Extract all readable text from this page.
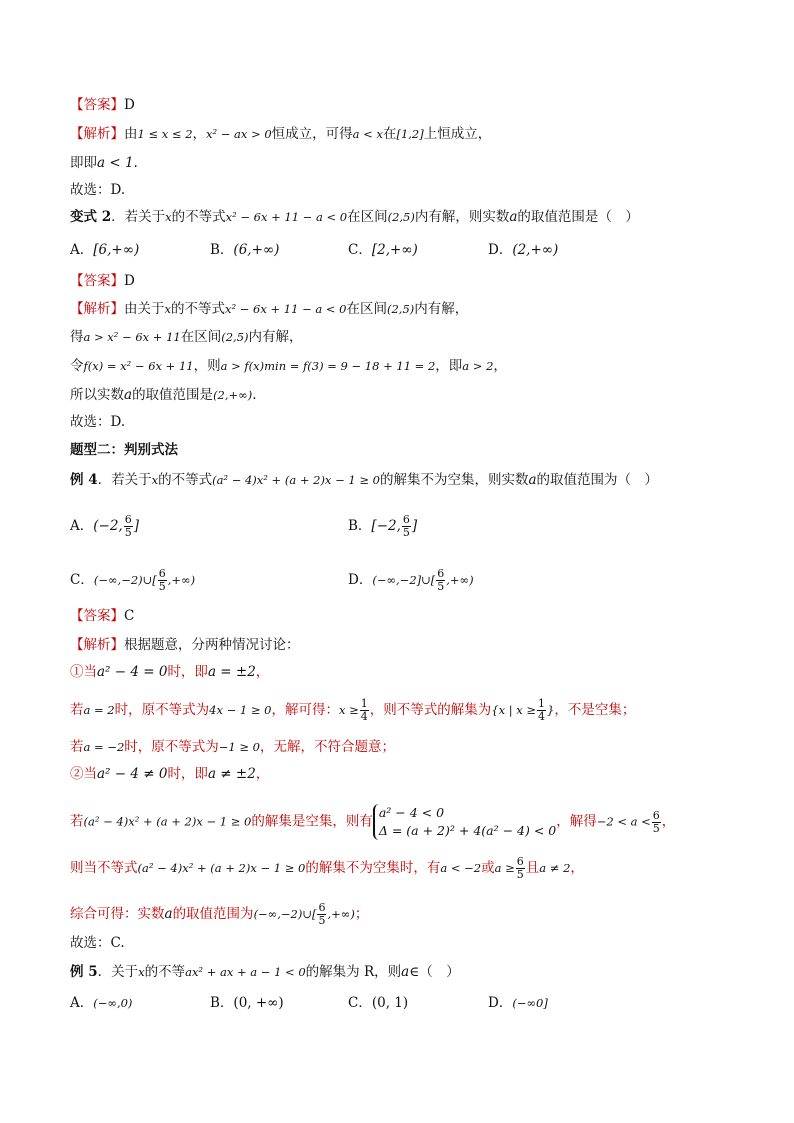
【答案】D
【解析】由1 ≤ x ≤ 2，x² − ax > 0恒成立，可得a < x在[1,2]上恒成立，
即即a < 1.
故选：D.
变式 2．若关于x的不等式x² − 6x + 11 − a < 0在区间(2,5)内有解，则实数a的取值范围是（　）
A．[6,+∞)	B．(6,+∞)	C．[2,+∞)	D．(2,+∞)
【答案】D
【解析】由关于x的不等式x² − 6x + 11 − a < 0在区间(2,5)内有解，
得a > x² − 6x + 11在区间(2,5)内有解，
令f(x) = x² − 6x + 11，则a > f(x)min = f(3) = 9 − 18 + 11 = 2，即a > 2，
所以实数a的取值范围是(2,+∞).
故选：D.
题型二：判别式法
例 4．若关于x的不等式(a² − 4)x² + (a + 2)x − 1 ≥ 0的解集不为空集，则实数a的取值范围为（　）
A．(−2, $\frac{6}{5}$ ]	B．[−2, $\frac{6}{5}$ ]
C．(−∞,−2)∪[ $\frac{6}{5}$ ,+∞)	D．(−∞,−2]∪[ $\frac{6}{5}$ ,+∞)
【答案】C
【解析】根据题意，分两种情况讨论：
①当a² − 4 = 0时，即a = ±2，
若a = 2时，原不等式为4x − 1 ≥ 0，解可得：$x \ge \frac{1}{4}$ ，则不等式的解集为{x | $x \ge \frac{1}{4}$ }，不是空集；
若a = −2时，原不等式为−1 ≥ 0，无解，不符合题意；
②当a² − 4 ≠ 0时，即a ≠ ±2，
若(a² − 4)x² + (a + 2)x − 1 ≥ 0的解集是空集，则有
a² − 4 < 0
Δ = (a + 2)² + 4(a² − 4) < 0
，解得$-2 < a < \frac{6}{5}$ ，
则当不等式(a² − 4)x² + (a + 2)x − 1 ≥ 0的解集不为空集时，有a < −2或$a \ge \frac{6}{5}$ 且a ≠ 2，
综合可得：实数a的取值范围为(−∞,−2)∪[ $\frac{6}{5}$ ,+∞)；
故选：C.
例 5．关于x的不等ax² + ax + a − 1 < 0的解集为 R，则a∈（　）
A．(−∞,0)	B．(0, +∞)	C．(0, 1)	D．(−∞0]
